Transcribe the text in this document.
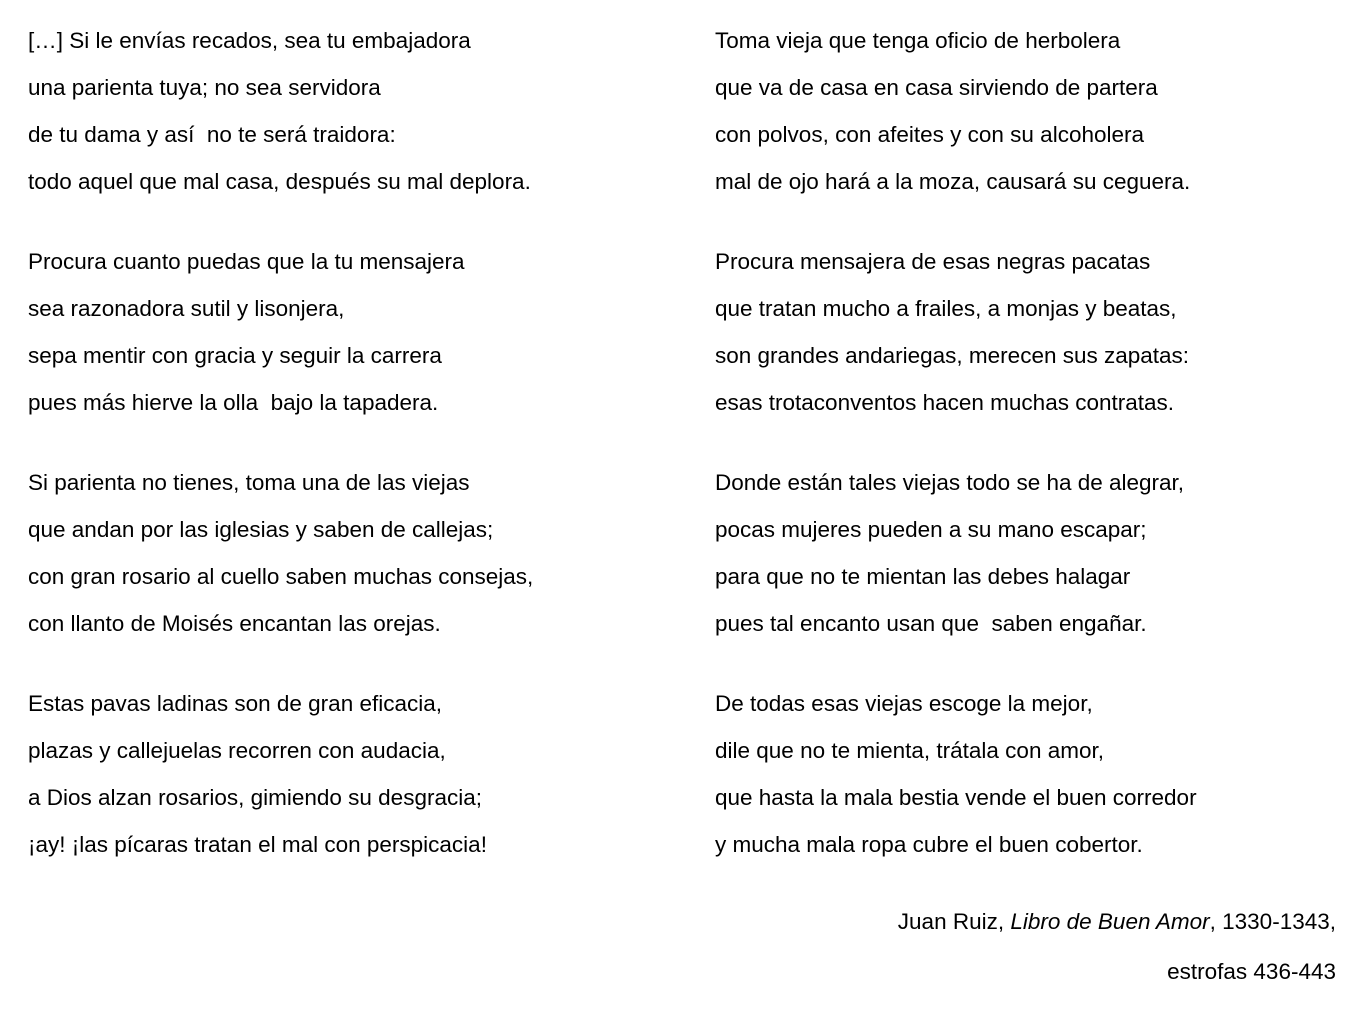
[…] Si le envías recados, sea tu embajadora
una parienta tuya; no sea servidora
de tu dama y así  no te será traidora:
todo aquel que mal casa, después su mal deplora.
Procura cuanto puedas que la tu mensajera
sea razonadora sutil y lisonjera,
sepa mentir con gracia y seguir la carrera
pues más hierve la olla  bajo la tapadera.
Si parienta no tienes, toma una de las viejas
que andan por las iglesias y saben de callejas;
con gran rosario al cuello saben muchas consejas,
con llanto de Moisés encantan las orejas.
Estas pavas ladinas son de gran eficacia,
plazas y callejuelas recorren con audacia,
a Dios alzan rosarios, gimiendo su desgracia;
¡ay! ¡las pícaras tratan el mal con perspicacia!
Toma vieja que tenga oficio de herbolera
que va de casa en casa sirviendo de partera
con polvos, con afeites y con su alcoholera
mal de ojo hará a la moza, causará su ceguera.
Procura mensajera de esas negras pacatas
que tratan mucho a frailes, a monjas y beatas,
son grandes andariegas, merecen sus zapatas:
esas trotaconventos hacen muchas contratas.
Donde están tales viejas todo se ha de alegrar,
pocas mujeres pueden a su mano escapar;
para que no te mientan las debes halagar
pues tal encanto usan que  saben engañar.
De todas esas viejas escoge la mejor,
dile que no te mienta, trátala con amor,
que hasta la mala bestia vende el buen corredor
y mucha mala ropa cubre el buen cobertor.
Juan Ruiz, Libro de Buen Amor, 1330-1343,
estrofas 436-443
